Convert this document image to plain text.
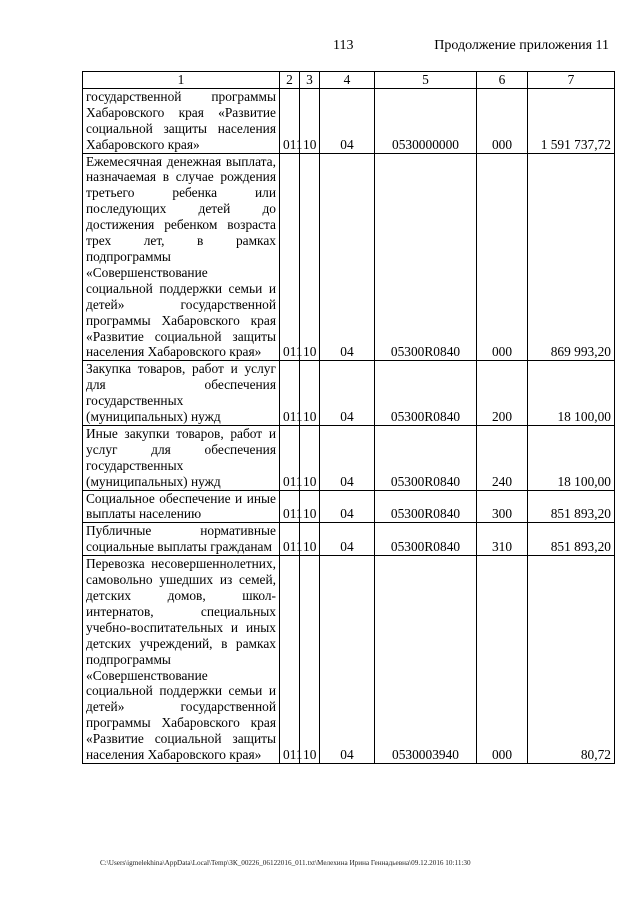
113	Продолжение приложения 11
1	2	3	4	5	6	7
государственной программы Хабаровского края «Развитие социальной защиты населения Хабаровского края»	011	10	04	0530000000	000	1 591 737,72
Ежемесячная денежная выплата, назначаемая в случае рождения третьего ребенка или последующих детей до достижения ребенком возраста трех лет, в рамках подпрограммы «Совершенствование социальной поддержки семьи и детей» государственной программы Хабаровского края «Развитие социальной защиты населения Хабаровского края»	011	10	04	05300R0840	000	869 993,20
Закупка товаров, работ и услуг для обеспечения государственных (муниципальных) нужд	011	10	04	05300R0840	200	18 100,00
Иные закупки товаров, работ и услуг для обеспечения государственных (муниципальных) нужд	011	10	04	05300R0840	240	18 100,00
Социальное обеспечение и иные выплаты населению	011	10	04	05300R0840	300	851 893,20
Публичные нормативные социальные выплаты гражданам	011	10	04	05300R0840	310	851 893,20
Перевозка несовершеннолетних, самовольно ушедших из семей, детских домов, школ- интернатов, специальных учебно-воспитательных и иных детских учреждений, в рамках подпрограммы «Совершенствование социальной поддержки семьи и детей» государственной программы Хабаровского края «Развитие социальной защиты населения Хабаровского края»	011	10	04	0530003940	000	80,72
C:\Users\igmelekhina\AppData\Local\Temp\ЗК_00226_06122016_011.txt\Мелехина Ирина Геннадьевна\09.12.2016 10:11:30
